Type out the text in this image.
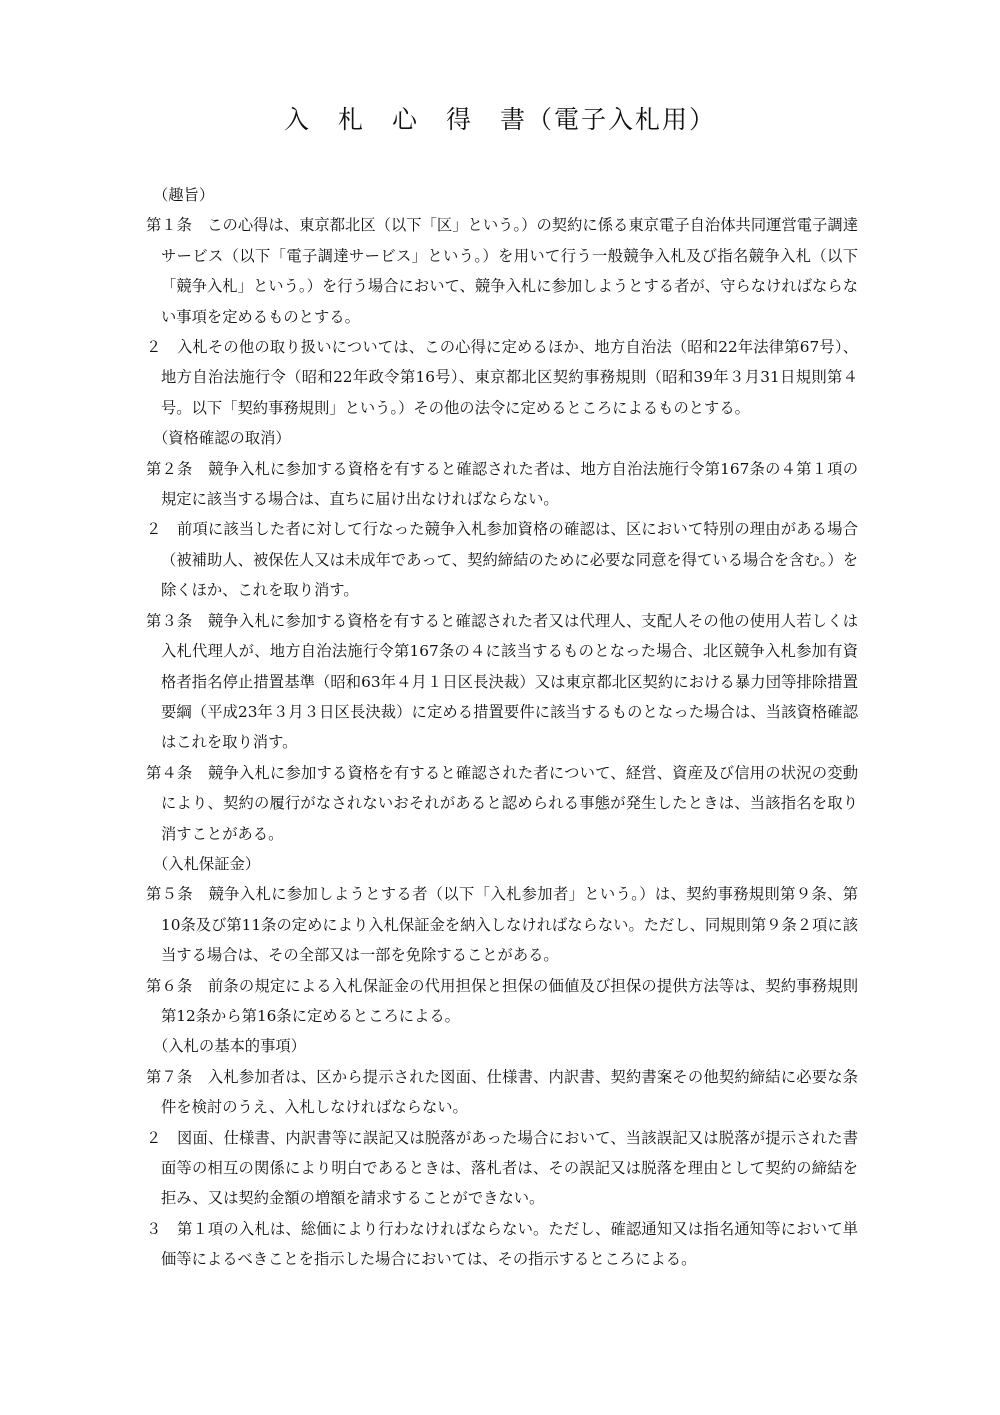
入　札　心　得　書（電子入札用）

（趣旨）

第１条　この心得は、東京都北区（以下「区」という。）の契約に係る東京電子自治体共同運営電子調達サービス（以下「電子調達サービス」という。）を用いて行う一般競争入札及び指名競争入札（以下「競争入札」という。）を行う場合において、競争入札に参加しようとする者が、守らなければならない事項を定めるものとする。

２　入札その他の取り扱いについては、この心得に定めるほか、地方自治法（昭和22年法律第67号）、地方自治法施行令（昭和22年政令第16号）、東京都北区契約事務規則（昭和39年３月31日規則第４号。以下「契約事務規則」という。）その他の法令に定めるところによるものとする。

（資格確認の取消）

第２条　競争入札に参加する資格を有すると確認された者は、地方自治法施行令第167条の４第１項の規定に該当する場合は、直ちに届け出なければならない。

２　前項に該当した者に対して行なった競争入札参加資格の確認は、区において特別の理由がある場合（被補助人、被保佐人又は未成年であって、契約締結のために必要な同意を得ている場合を含む。）を除くほか、これを取り消す。

第３条　競争入札に参加する資格を有すると確認された者又は代理人、支配人その他の使用人若しくは入札代理人が、地方自治法施行令第167条の４に該当するものとなった場合、北区競争入札参加有資格者指名停止措置基準（昭和63年４月１日区長決裁）又は東京都北区契約における暴力団等排除措置要綱（平成23年３月３日区長決裁）に定める措置要件に該当するものとなった場合は、当該資格確認はこれを取り消す。

第４条　競争入札に参加する資格を有すると確認された者について、経営、資産及び信用の状況の変動により、契約の履行がなされないおそれがあると認められる事態が発生したときは、当該指名を取り消すことがある。

（入札保証金）

第５条　競争入札に参加しようとする者（以下「入札参加者」という。）は、契約事務規則第９条、第10条及び第11条の定めにより入札保証金を納入しなければならない。ただし、同規則第９条２項に該当する場合は、その全部又は一部を免除することがある。

第６条　前条の規定による入札保証金の代用担保と担保の価値及び担保の提供方法等は、契約事務規則第12条から第16条に定めるところによる。

（入札の基本的事項）

第７条　入札参加者は、区から提示された図面、仕様書、内訳書、契約書案その他契約締結に必要な条件を検討のうえ、入札しなければならない。

２　図面、仕様書、内訳書等に誤記又は脱落があった場合において、当該誤記又は脱落が提示された書面等の相互の関係により明白であるときは、落札者は、その誤記又は脱落を理由として契約の締結を拒み、又は契約金額の増額を請求することができない。

３　第１項の入札は、総価により行わなければならない。ただし、確認通知又は指名通知等において単価等によるべきことを指示した場合においては、その指示するところによる。
